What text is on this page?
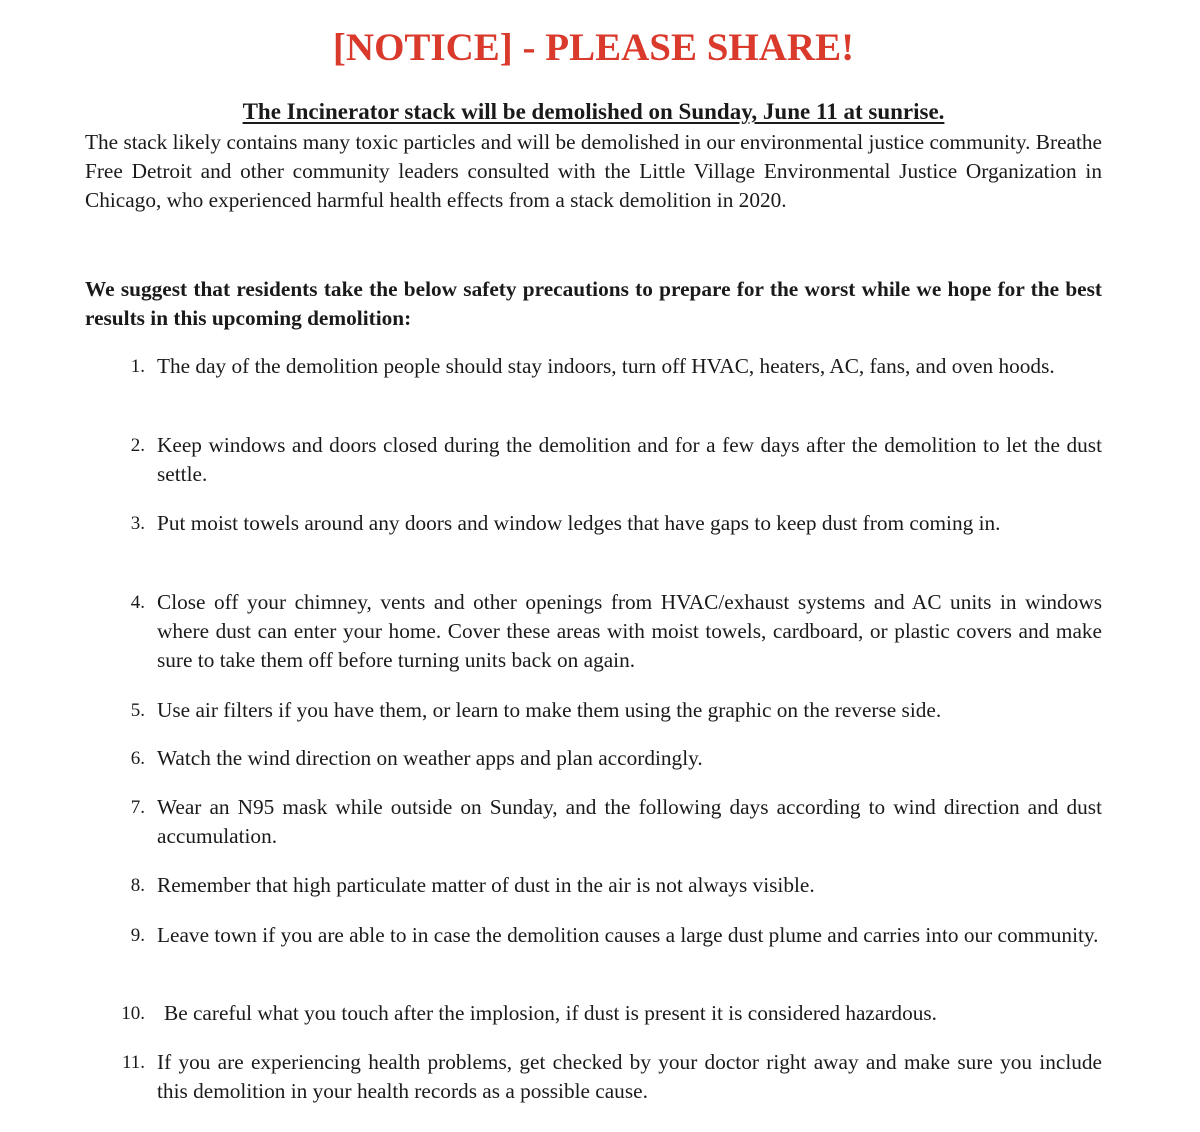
[NOTICE] - PLEASE SHARE!
The Incinerator stack will be demolished on Sunday, June 11 at sunrise.

The stack likely contains many toxic particles and will be demolished in our environmental justice community. Breathe Free Detroit and other community leaders consulted with the Little Village Environmental Justice Organization in Chicago, who experienced harmful health effects from a stack demolition in 2020.

We suggest that residents take the below safety precautions to prepare for the worst while we hope for the best results in this upcoming demolition:

1. The day of the demolition people should stay indoors, turn off HVAC, heaters, AC, fans, and oven hoods.
2. Keep windows and doors closed during the demolition and for a few days after the demolition to let the dust settle.
3. Put moist towels around any doors and window ledges that have gaps to keep dust from coming in.
4. Close off your chimney, vents and other openings from HVAC/exhaust systems and AC units in windows where dust can enter your home. Cover these areas with moist towels, cardboard, or plastic covers and make sure to take them off before turning units back on again.
5. Use air filters if you have them, or learn to make them using the graphic on the reverse side.
6. Watch the wind direction on weather apps and plan accordingly.
7. Wear an N95 mask while outside on Sunday, and the following days according to wind direction and dust accumulation.
8. Remember that high particulate matter of dust in the air is not always visible.
9. Leave town if you are able to in case the demolition causes a large dust plume and carries into our community.
10. Be careful what you touch after the implosion, if dust is present it is considered hazardous.
11. If you are experiencing health problems, get checked by your doctor right away and make sure you include this demolition in your health records as a possible cause.
